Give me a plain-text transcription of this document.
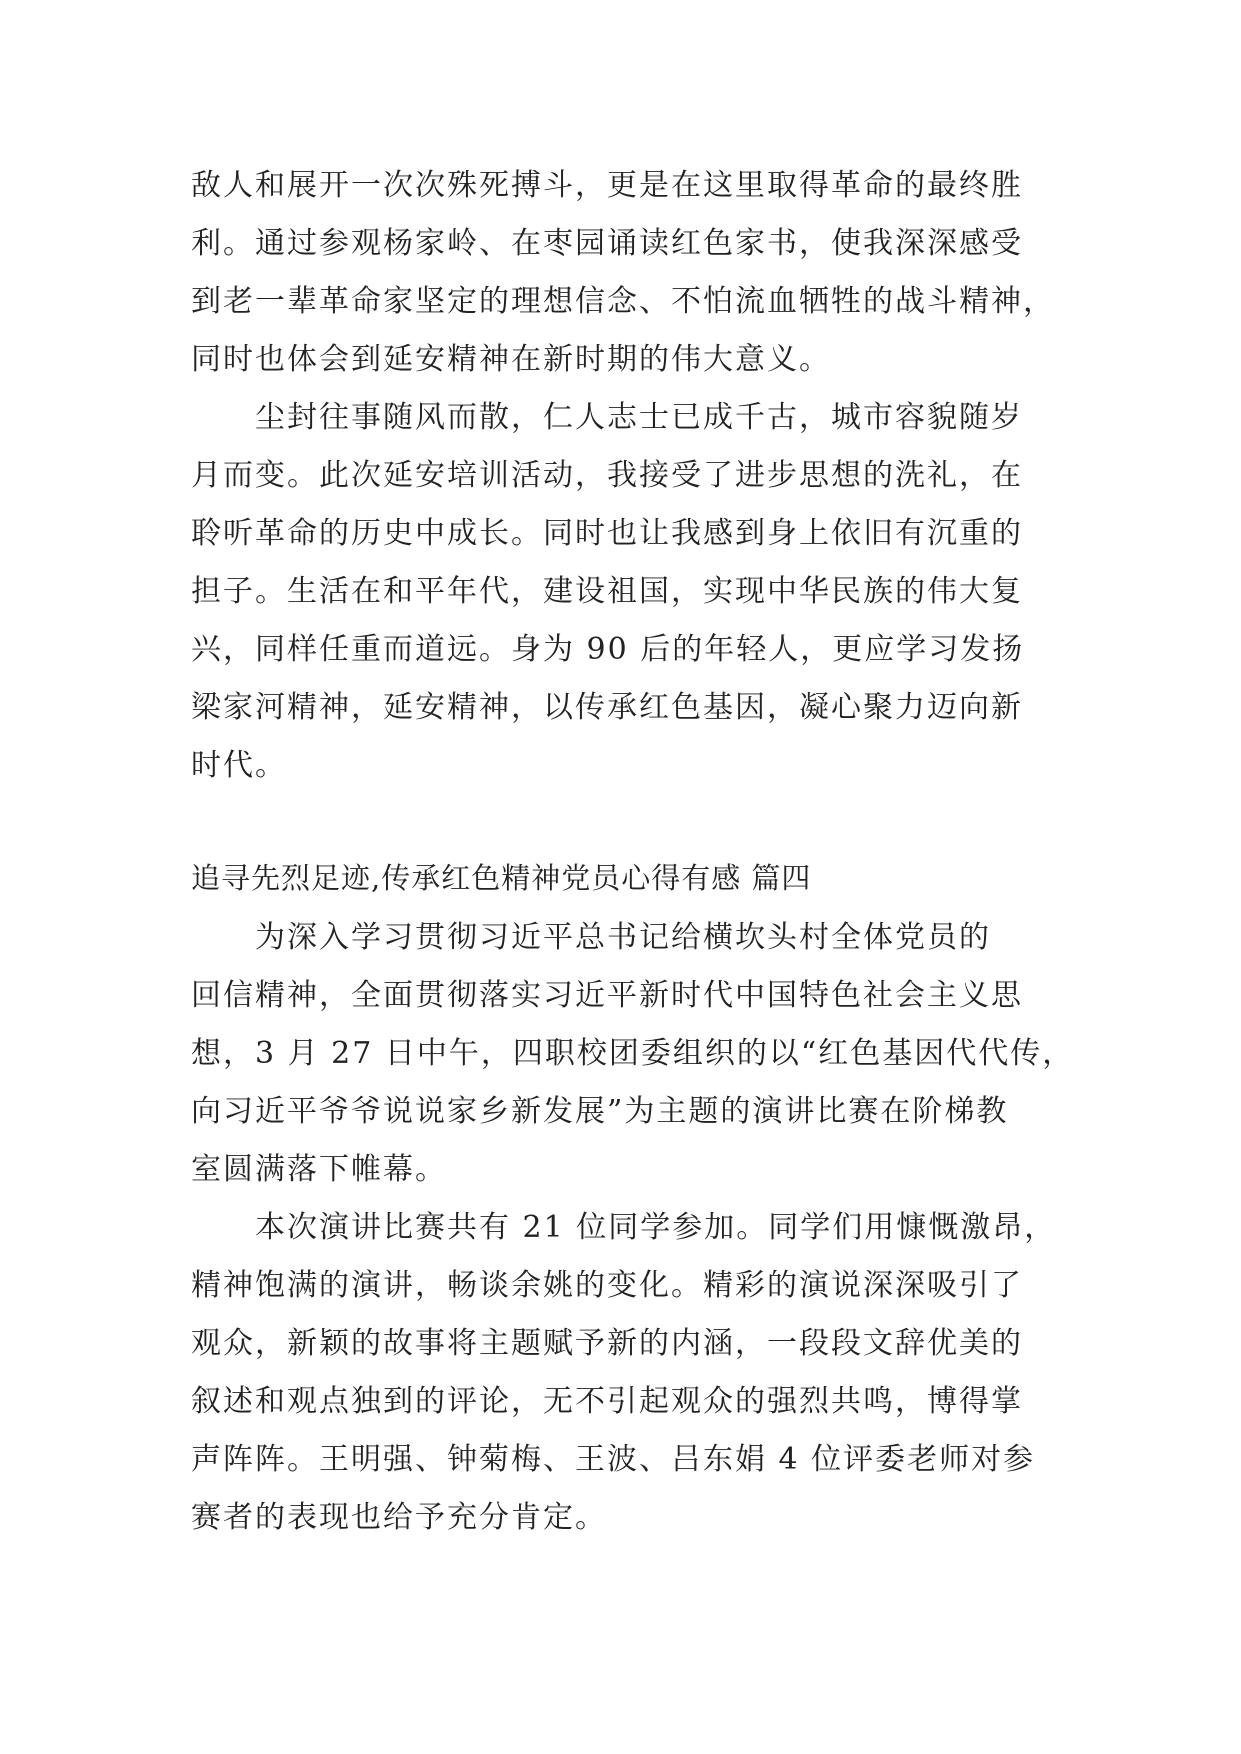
敌人和展开一次次殊死搏斗，更是在这里取得革命的最终胜
利。通过参观杨家岭、在枣园诵读红色家书，使我深深感受
到老一辈革命家坚定的理想信念、不怕流血牺牲的战斗精神，
同时也体会到延安精神在新时期的伟大意义。
尘封往事随风而散，仁人志士已成千古，城市容貌随岁
月而变。此次延安培训活动，我接受了进步思想的洗礼，在
聆听革命的历史中成长。同时也让我感到身上依旧有沉重的
担子。生活在和平年代，建设祖国，实现中华民族的伟大复
兴，同样任重而道远。身为 90 后的年轻人，更应学习发扬
梁家河精神，延安精神，以传承红色基因，凝心聚力迈向新
时代。
追寻先烈足迹,传承红色精神党员心得有感 篇四
为深入学习贯彻习近平总书记给横坎头村全体党员的
回信精神，全面贯彻落实习近平新时代中国特色社会主义思
想，3 月 27 日中午，四职校团委组织的以“红色基因代代传，
向习近平爷爷说说家乡新发展”为主题的演讲比赛在阶梯教
室圆满落下帷幕。
本次演讲比赛共有 21 位同学参加。同学们用慷慨激昂，
精神饱满的演讲，畅谈余姚的变化。精彩的演说深深吸引了
观众，新颖的故事将主题赋予新的内涵，一段段文辞优美的
叙述和观点独到的评论，无不引起观众的强烈共鸣，博得掌
声阵阵。王明强、钟菊梅、王波、吕东娟 4 位评委老师对参
赛者的表现也给予充分肯定。
